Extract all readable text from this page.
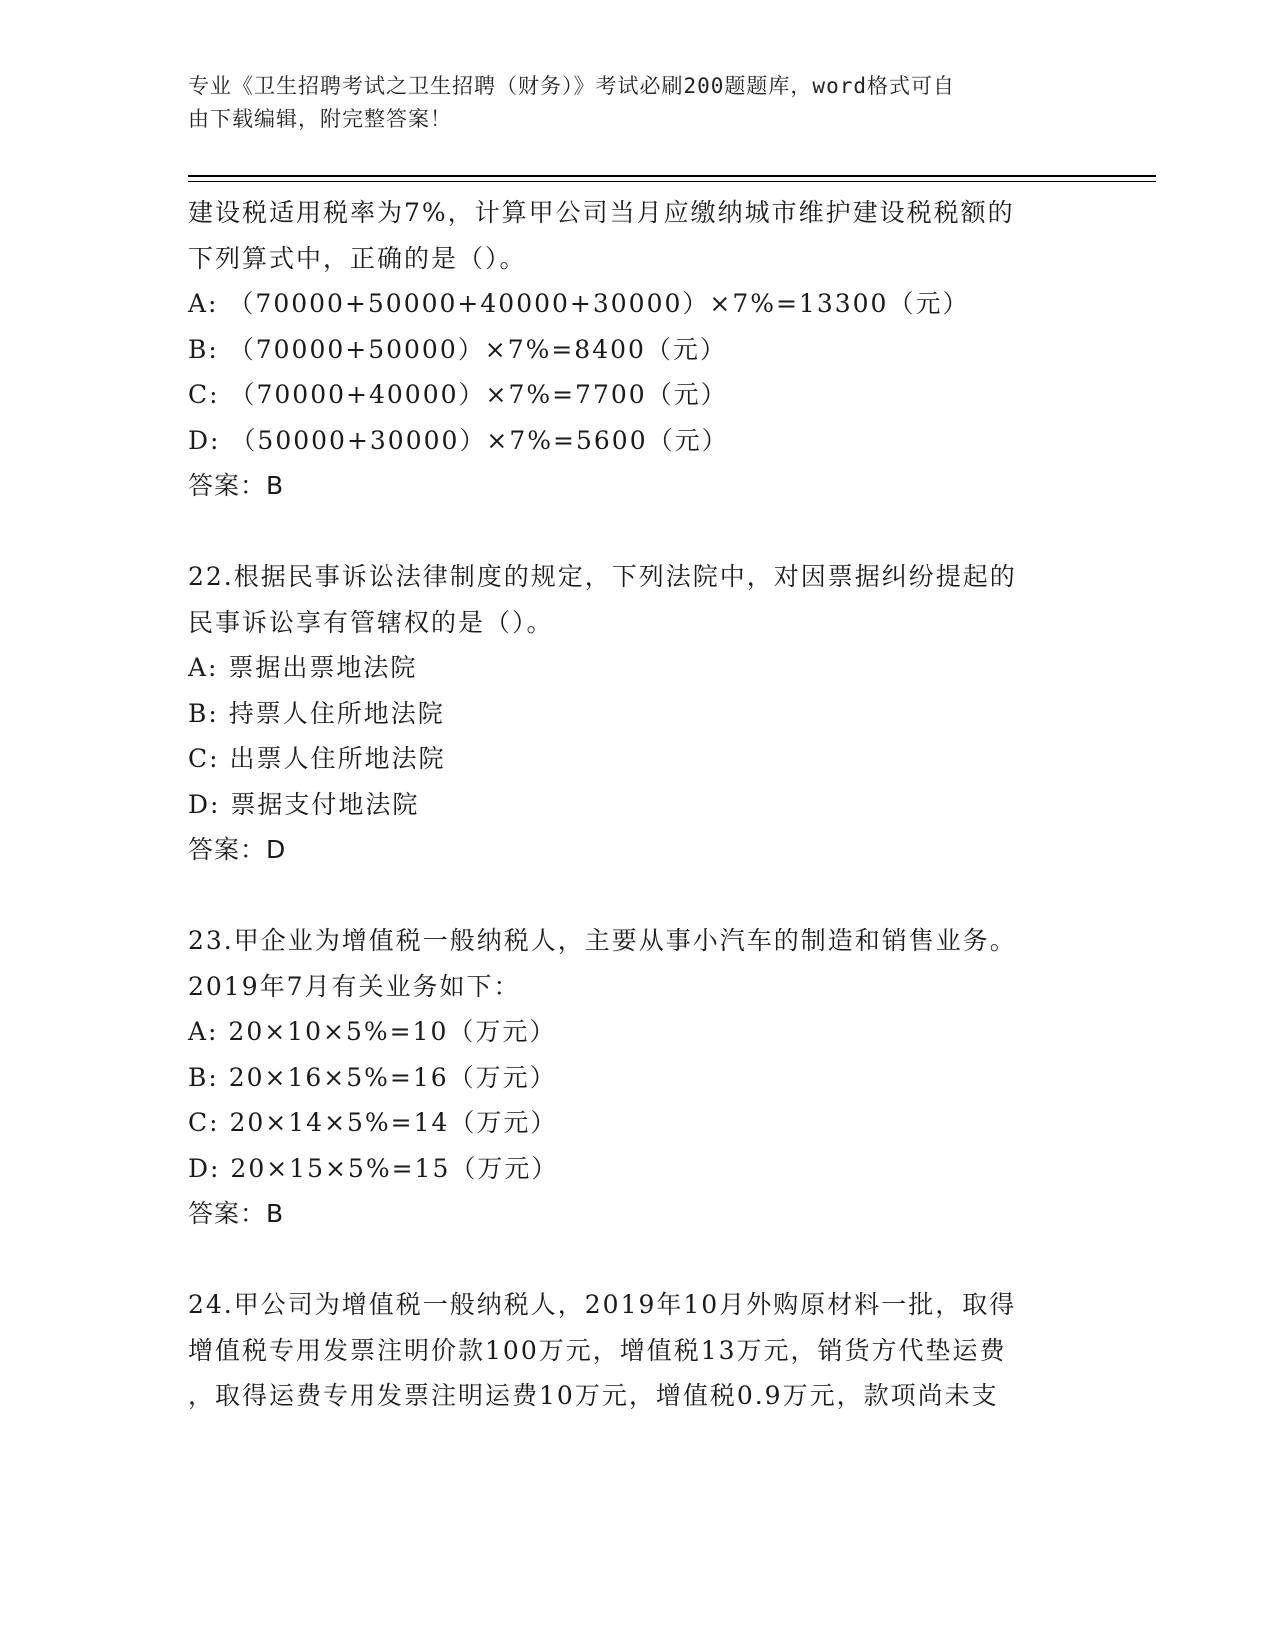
专业《卫生招聘考试之卫生招聘（财务）》考试必刷200题题库，word格式可自
由下载编辑，附完整答案！
建设税适用税率为7%，计算甲公司当月应缴纳城市维护建设税税额的
下列算式中，正确的是（）。
A: （70000+50000+40000+30000）×7%=13300（元）
B: （70000+50000）×7%=8400（元）
C: （70000+40000）×7%=7700（元）
D: （50000+30000）×7%=5600（元）
答案：B
22.根据民事诉讼法律制度的规定，下列法院中，对因票据纠纷提起的
民事诉讼享有管辖权的是（）。
A: 票据出票地法院
B: 持票人住所地法院
C: 出票人住所地法院
D: 票据支付地法院
答案：D
23.甲企业为增值税一般纳税人，主要从事小汽车的制造和销售业务。
2019年7月有关业务如下：
A: 20×10×5%=10（万元）
B: 20×16×5%=16（万元）
C: 20×14×5%=14（万元）
D: 20×15×5%=15（万元）
答案：B
24.甲公司为增值税一般纳税人，2019年10月外购原材料一批，取得
增值税专用发票注明价款100万元，增值税13万元，销货方代垫运费
，取得运费专用发票注明运费10万元，增值税0.9万元，款项尚未支
